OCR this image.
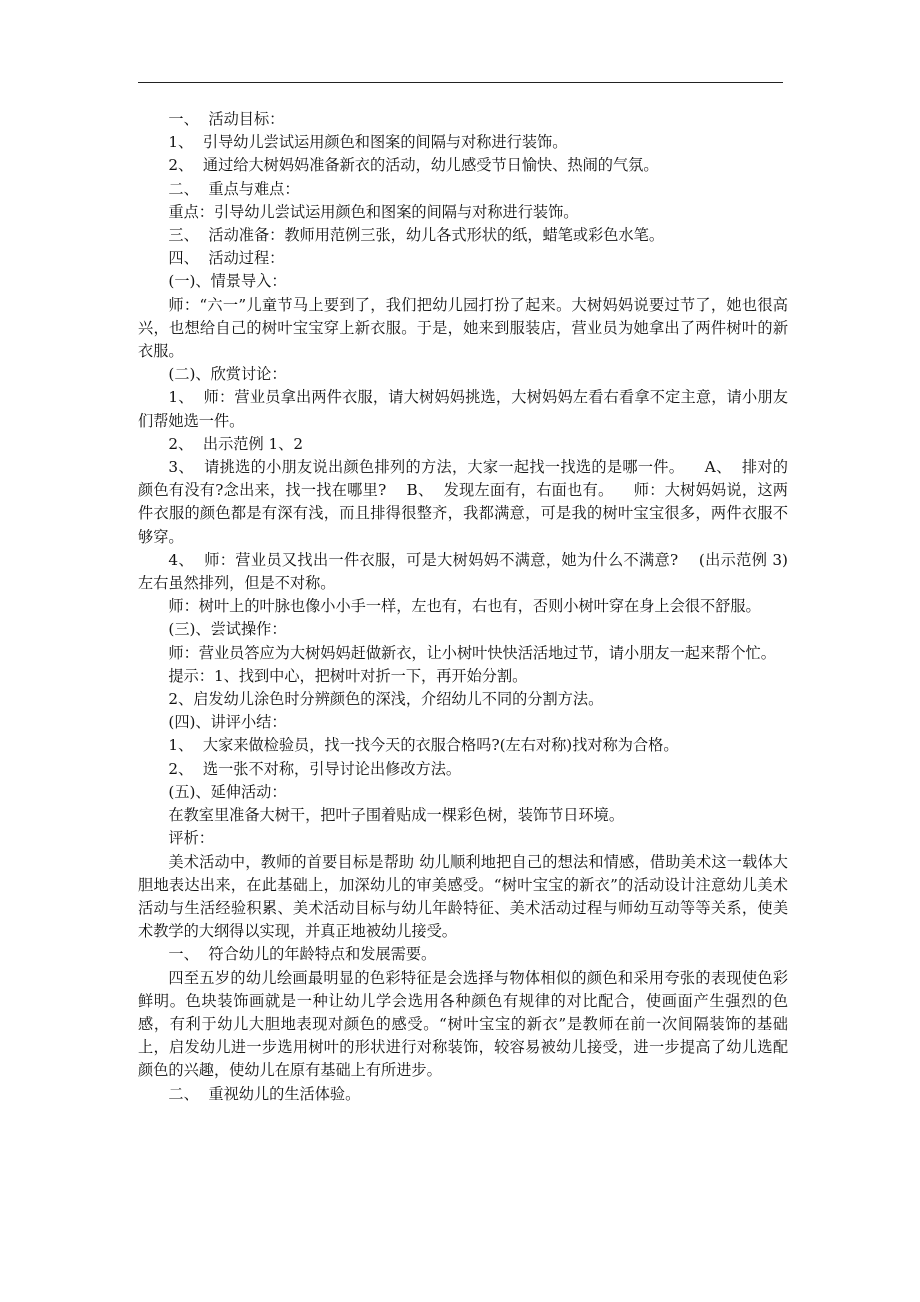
一、  活动目标：

1、  引导幼儿尝试运用颜色和图案的间隔与对称进行装饰。

2、  通过给大树妈妈准备新衣的活动，幼儿感受节日愉快、热闹的气氛。

二、  重点与难点：

重点：引导幼儿尝试运用颜色和图案的间隔与对称进行装饰。

三、  活动准备：教师用范例三张，幼儿各式形状的纸，蜡笔或彩色水笔。

四、  活动过程：

(一)、情景导入：

师：“六一”儿童节马上要到了，我们把幼儿园打扮了起来。大树妈妈说要过节了，她也很高兴，也想给自己的树叶宝宝穿上新衣服。于是，她来到服装店，营业员为她拿出了两件树叶的新衣服。

(二)、欣赏讨论：

1、  师：营业员拿出两件衣服，请大树妈妈挑选，大树妈妈左看右看拿不定主意，请小朋友们帮她选一件。

2、  出示范例 1、2

3、  请挑选的小朋友说出颜色排列的方法，大家一起找一找选的是哪一件。    A、  排对的颜色有没有?念出来，找一找在哪里?    B、  发现左面有，右面也有。    师：大树妈妈说，这两件衣服的颜色都是有深有浅，而且排得很整齐，我都满意，可是我的树叶宝宝很多，两件衣服不够穿。

4、  师：营业员又找出一件衣服，可是大树妈妈不满意，她为什么不满意?    (出示范例 3)左右虽然排列，但是不对称。

师：树叶上的叶脉也像小小手一样，左也有，右也有，否则小树叶穿在身上会很不舒服。

(三)、尝试操作：

师：营业员答应为大树妈妈赶做新衣，让小树叶快快活活地过节，请小朋友一起来帮个忙。

提示：1、找到中心，把树叶对折一下，再开始分割。

2、启发幼儿涂色时分辨颜色的深浅，介绍幼儿不同的分割方法。

(四)、讲评小结：

1、  大家来做检验员，找一找今天的衣服合格吗?(左右对称)找对称为合格。

2、  选一张不对称，引导讨论出修改方法。

(五)、延伸活动：

在教室里准备大树干，把叶子围着贴成一棵彩色树，装饰节日环境。

评析：

美术活动中，教师的首要目标是帮助 幼儿顺利地把自己的想法和情感，借助美术这一载体大胆地表达出来，在此基础上，加深幼儿的审美感受。“树叶宝宝的新衣”的活动设计注意幼儿美术活动与生活经验积累、美术活动目标与幼儿年龄特征、美术活动过程与师幼互动等等关系，使美术教学的大纲得以实现，并真正地被幼儿接受。

一、  符合幼儿的年龄特点和发展需要。

四至五岁的幼儿绘画最明显的色彩特征是会选择与物体相似的颜色和采用夸张的表现使色彩鲜明。色块装饰画就是一种让幼儿学会选用各种颜色有规律的对比配合，使画面产生强烈的色感，有利于幼儿大胆地表现对颜色的感受。“树叶宝宝的新衣”是教师在前一次间隔装饰的基础上，启发幼儿进一步选用树叶的形状进行对称装饰，较容易被幼儿接受，进一步提高了幼儿选配颜色的兴趣，使幼儿在原有基础上有所进步。

二、  重视幼儿的生活体验。
